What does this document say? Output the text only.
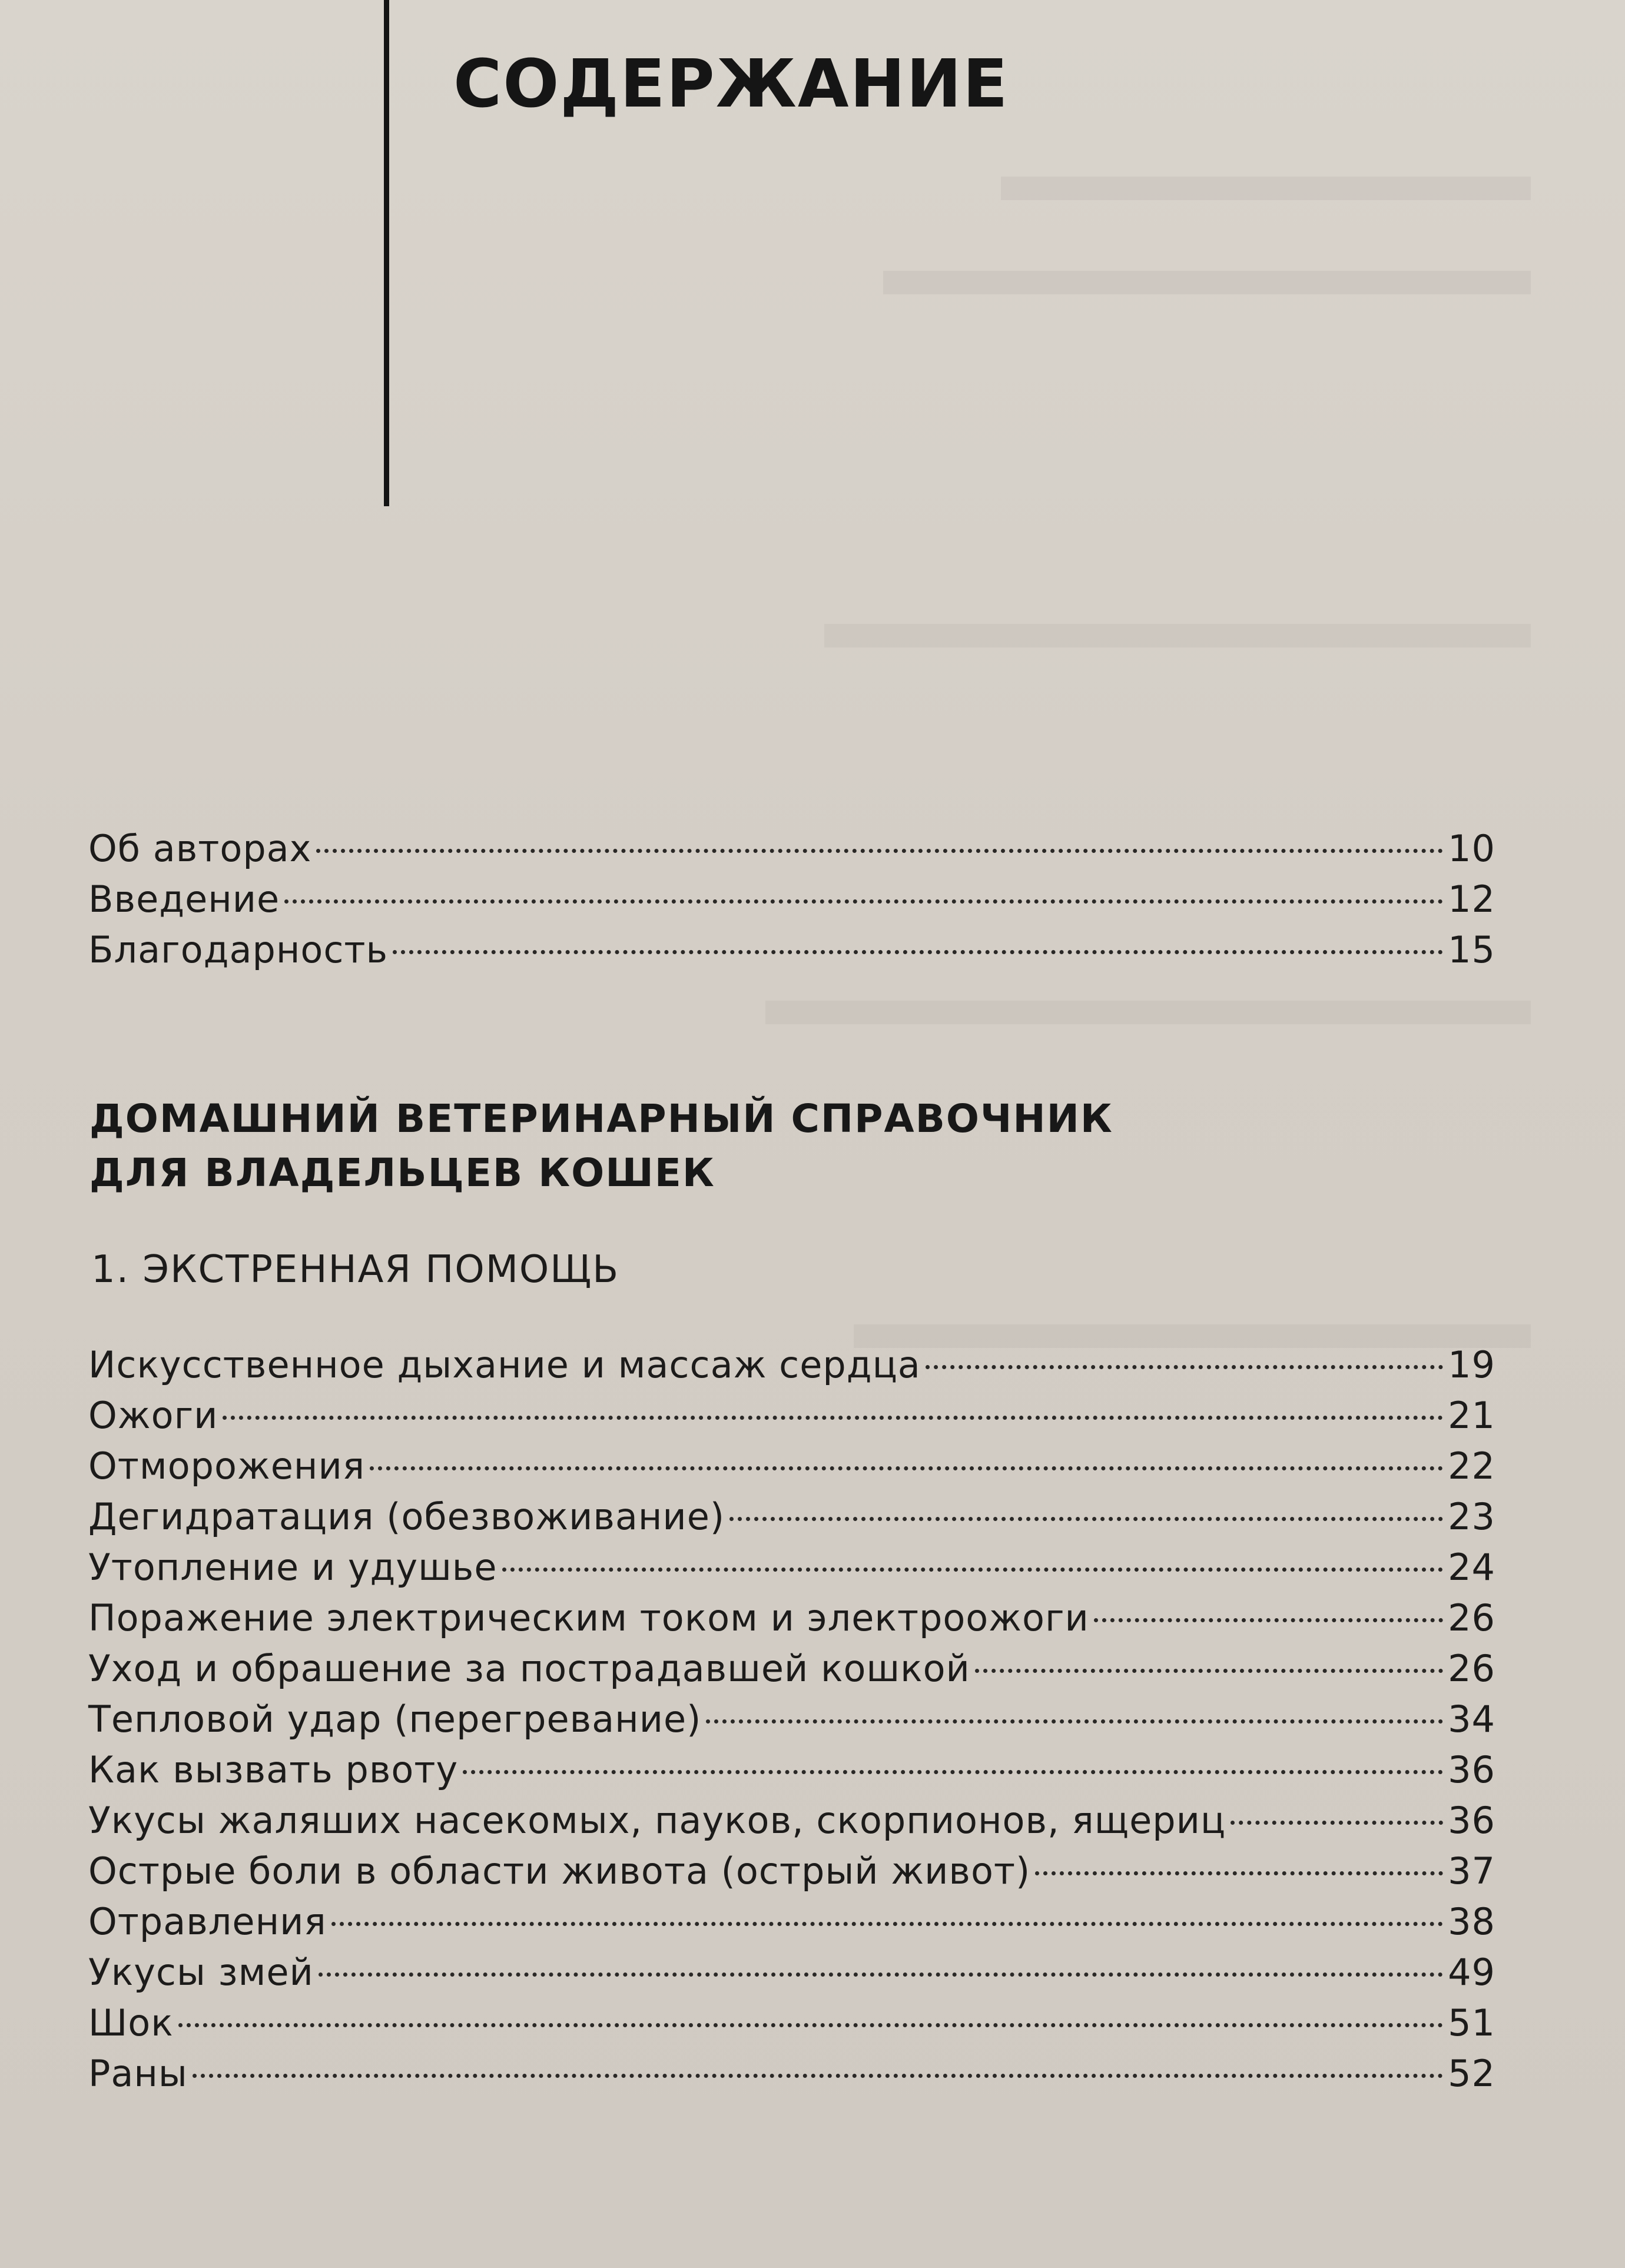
СОДЕРЖАНИЕ
Об авторах	10
Введение	12
Благодарность	15
ДОМАШНИЙ ВЕТЕРИНАРНЫЙ СПРАВОЧНИК
ДЛЯ ВЛАДЕЛЬЦЕВ КОШЕК
1. ЭКСТРЕННАЯ ПОМОЩЬ
Искусственное дыхание и массаж сердца	19
Ожоги	21
Отморожения	22
Дегидратация (обезвоживание)	23
Утопление и удушье	24
Поражение электрическим током и электроожоги	26
Уход и обрашение за пострадавшей кошкой	26
Тепловой удар (перегревание)	34
Как вызвать рвоту	36
Укусы жаляших насекомых, пауков, скорпионов, ящериц	36
Острые боли в области живота (острый живот)	37
Отравления	38
Укусы змей	49
Шок	51
Раны	52
